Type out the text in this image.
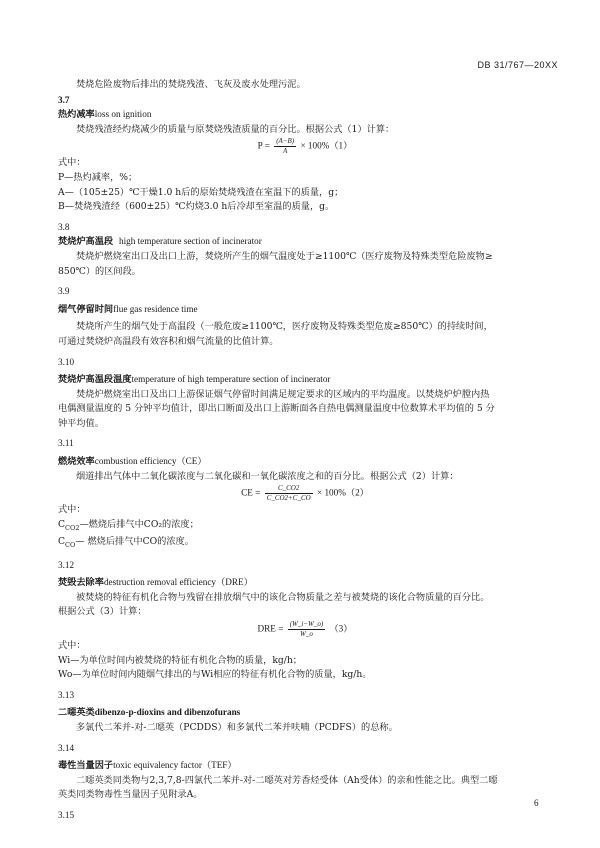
DB 31/767—20XX

焚烧危险废物后排出的焚烧残渣、飞灰及废水处理污泥。

3.7

热灼减率loss on ignition

焚烧残渣经灼烧减少的质量与原焚烧残渣质量的百分比。根据公式（1）计算：

$P = \frac{(A-B)}{A} \times 100\%(1)$

式中：

P—热灼减率，%；

A—（105±25）℃干燥1.0 h后的原始焚烧残渣在室温下的质量，g；

B—焚烧残渣经（600±25）℃灼烧3.0 h后冷却至室温的质量，g。

3.8

焚烧炉高温段 high temperature section of incinerator

焚烧炉燃烧室出口及出口上游，焚烧所产生的烟气温度处于≥1100℃（医疗废物及特殊类型危险废物≥

850℃）的区间段。

3.9

烟气停留时间flue gas residence time

焚烧所产生的烟气处于高温段（一般危废≥1100℃，医疗废物及特殊类型危废≥850℃）的持续时间，

可通过焚烧炉高温段有效容积和烟气流量的比值计算。

3.10

焚烧炉高温段温度temperature of high temperature section of incinerator

焚烧炉燃烧室出口及出口上游保证烟气停留时间满足规定要求的区域内的平均温度。以焚烧炉炉膛内热

电偶测量温度的 5 分钟平均值计，即出口断面及出口上游断面各自热电偶测量温度中位数算术平均值的 5 分

钟平均值。

3.11

燃烧效率combustion efficiency（CE）

烟道排出气体中二氧化碳浓度与二氧化碳和一氧化碳浓度之和的百分比。根据公式（2）计算：

CE = $\frac{C\_CO2}{C\_CO2+C\_CO} \times 100\%(2)$

式中：

$C_{CO2}—$燃烧后排气中CO₂的浓度；

$C_{CO}—$ 燃烧后排气中CO的浓度。

3.12

焚毁去除率destruction removal efficiency（DRE）

被焚烧的特征有机化合物与残留在排放烟气中的该化合物质量之差与被焚烧的该化合物质量的百分比。

根据公式（3）计算：

DRE = $\frac{(W\_i-W\_o)}{W\_o} (3)$

式中：

Wi—为单位时间内被焚烧的特征有机化合物的质量，kg/h；

Wo—为单位时间内随烟气排出的与Wi相应的特征有机化合物的质量，kg/h。

3.13

二噁英类dibenzo-p-dioxins and dibenzofurans

多氯代二苯并-对-二噁英（PCDDS）和多氯代二苯并呋喃（PCDFS）的总称。

3.14

毒性当量因子toxic equivalency factor（TEF）

二噁英类同类物与2,3,7,8-四氯代二苯并-对-二噁英对芳香烃受体（Ah受体）的亲和性能之比。典型二噁

英类同类物毒性当量因子见附录A。

3.15

6
